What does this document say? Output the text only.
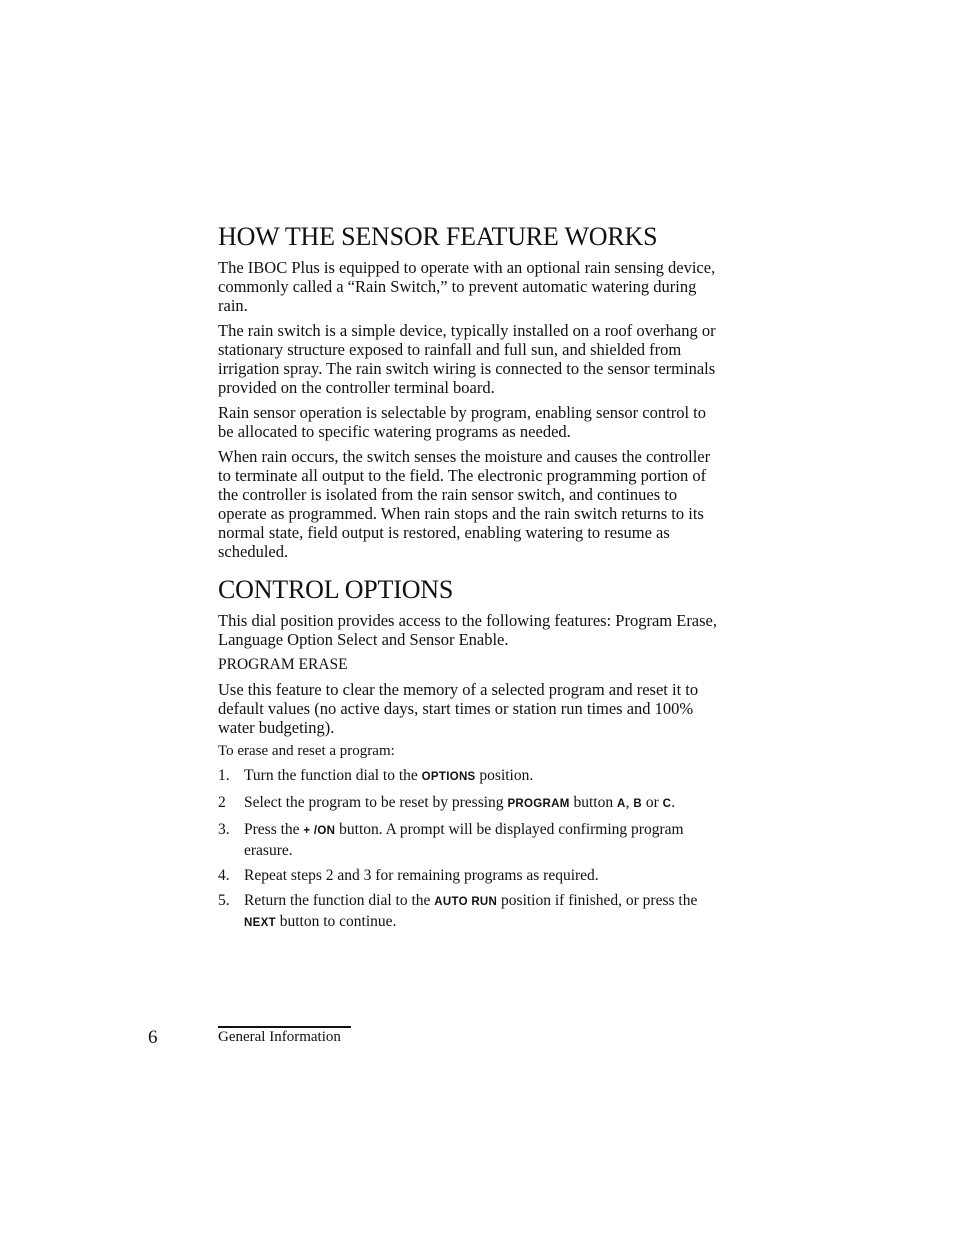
HOW THE SENSOR FEATURE WORKS

The IBOC Plus is equipped to operate with an optional rain sensing device, commonly called a “Rain Switch,” to prevent automatic watering during rain.

The rain switch is a simple device, typically installed on a roof overhang or stationary structure exposed to rainfall and full sun, and shielded from irrigation spray. The rain switch wiring is connected to the sensor terminals provided on the controller terminal board.

Rain sensor operation is selectable by program, enabling sensor control to be allocated to specific watering programs as needed.

When rain occurs, the switch senses the moisture and causes the controller to terminate all output to the field. The electronic programming portion of the controller is isolated from the rain sensor switch, and continues to operate as programmed. When rain stops and the rain switch returns to its normal state, field output is restored, enabling watering to resume as scheduled.

CONTROL OPTIONS

This dial position provides access to the following features: Program Erase, Language Option Select and Sensor Enable.

PROGRAM ERASE

Use this feature to clear the memory of a selected program and reset it to default values (no active days, start times or station run times and 100% water budgeting).

To erase and reset a program:
1. Turn the function dial to the OPTIONS position.
2 Select the program to be reset by pressing PROGRAM button A, B or C.
3. Press the + /ON button. A prompt will be displayed confirming program erasure.
4. Repeat steps 2 and 3 for remaining programs as required.
5. Return the function dial to the AUTO RUN position if finished, or press the NEXT button to continue.
6	General Information
